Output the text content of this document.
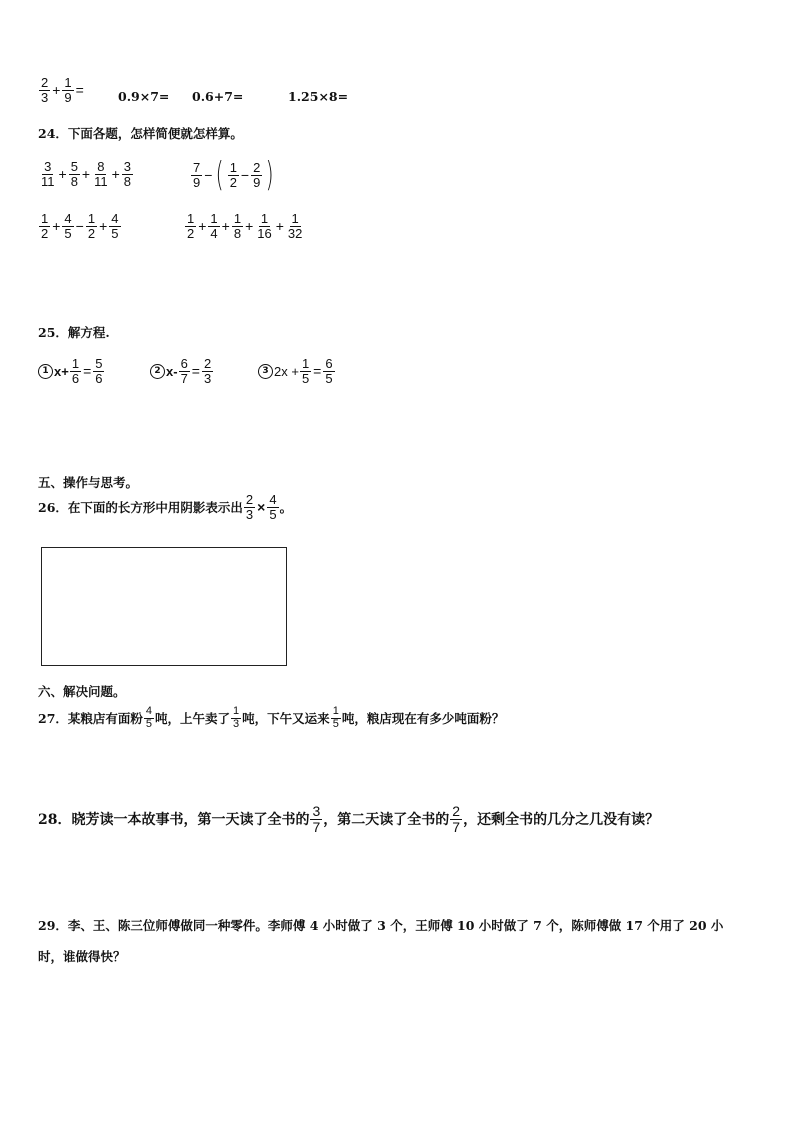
$\frac{2}{3} + \frac{1}{9}$ =	0.9×7= 0.6+7=	1.25×8=
24．下面各题，怎样简便就怎样算。
$\frac{3}{11} + \frac{5}{8} + \frac{8}{11} + \frac{3}{8}$	$\frac{7}{9}$ − ( $\frac{1}{2} - \frac{2}{9}$ )
$\frac{1}{2} + \frac{4}{5} - \frac{1}{2} + \frac{4}{5}$	$\frac{1}{2} + \frac{1}{4} + \frac{1}{8} + \frac{1}{16} + \frac{1}{32}$
25．解方程.
1 $x+ \frac{1}{6} = \frac{5}{6}$	2 $x- \frac{6}{7} = \frac{2}{3}$	3 $2x + \frac{1}{5} = \frac{6}{5}$
五、操作与思考。
26．在下面的长方形中用阴影表示出 $\frac{2}{3} \times \frac{4}{5}$ 。
六、解决问题。
27．某粮店有面粉 $\frac{4}{5}$ 吨，上午卖了 $\frac{1}{3}$ 吨，下午又运来 $\frac{1}{5}$ 吨，粮店现在有多少吨面粉？
28．晓芳读一本故事书，第一天读了全书的 $\frac{3}{7}$ ，第二天读了全书的 $\frac{2}{7}$ ，还剩全书的几分之几没有读？
29．李、王、陈三位师傅做同一种零件。李师傅 4 小时做了 3 个，王师傅 10 小时做了 7 个，陈师傅做 17 个用了 20 小
时，谁做得快？
